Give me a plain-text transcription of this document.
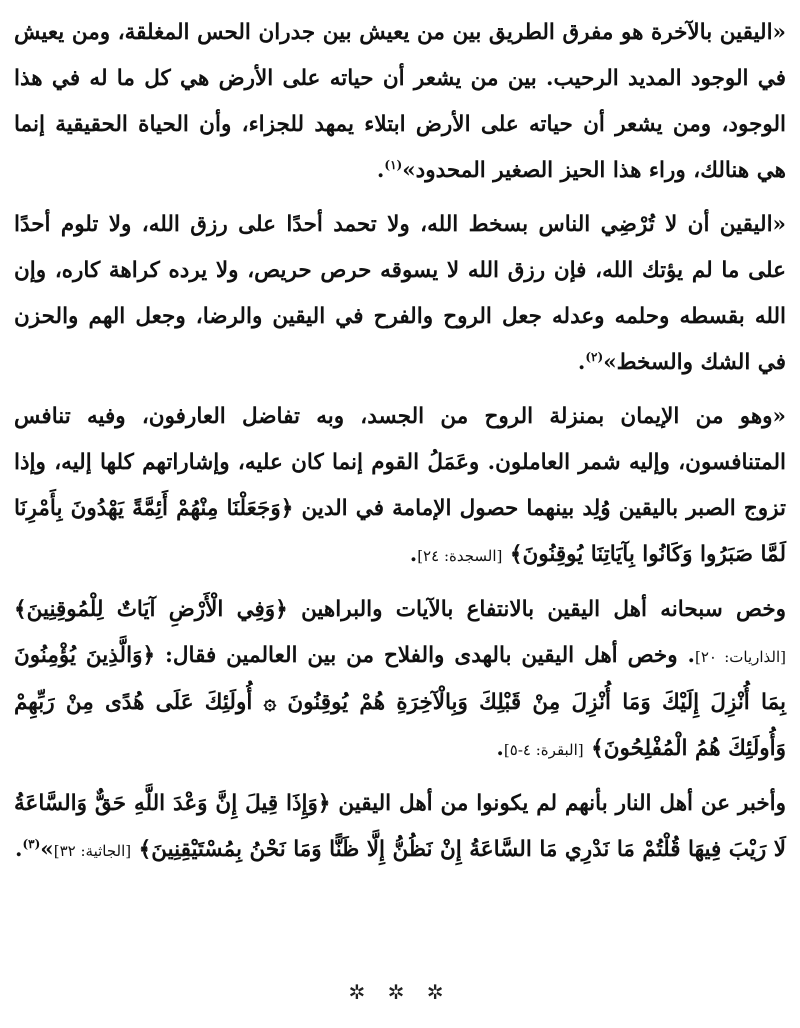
«اليقين بالآخرة هو مفرق الطريق بين من يعيش بين جدران الحس المغلقة، ومن يعيش في الوجود المديد الرحيب. بين من يشعر أن حياته على الأرض هي كل ما له في هذا الوجود، ومن يشعر أن حياته على الأرض ابتلاء يمهد للجزاء، وأن الحياة الحقيقية إنما هي هنالك، وراء هذا الحيز الصغير المحدود»$^{(١)}$.

«اليقين أن لا تُرْضِي الناس بسخط الله، ولا تحمد أحدًا على رزق الله، ولا تلوم أحدًا على ما لم يؤتك الله، فإن رزق الله لا يسوقه حرص حريص، ولا يرده كراهة كاره، وإن الله بقسطه وحلمه وعدله جعل الروح والفرح في اليقين والرضا، وجعل الهم والحزن في الشك والسخط»$^{(٢)}$.

«وهو من الإيمان بمنزلة الروح من الجسد، وبه تفاضل العارفون، وفيه تنافس المتنافسون، وإليه شمر العاملون. وعَمَلُ القوم إنما كان عليه، وإشاراتهم كلها إليه، وإذا تزوج الصبر باليقين وُلِد بينهما حصول الإمامة في الدين ﴿وَجَعَلْنَا مِنْهُمْ أَئِمَّةً يَهْدُونَ بِأَمْرِنَا لَمَّا صَبَرُوا وَكَانُوا بِآيَاتِنَا يُوقِنُونَ﴾ [السجدة: ٢٤].

وخص سبحانه أهل اليقين بالانتفاع بالآيات والبراهين ﴿وَفِي الْأَرْضِ آيَاتٌ لِلْمُوقِنِينَ﴾ [الذاريات: ٢٠]. وخص أهل اليقين بالهدى والفلاح من بين العالمين فقال: ﴿وَالَّذِينَ يُؤْمِنُونَ بِمَا أُنْزِلَ إِلَيْكَ وَمَا أُنْزِلَ مِنْ قَبْلِكَ وَبِالْآخِرَةِ هُمْ يُوقِنُونَ ۞ أُولَئِكَ عَلَى هُدًى مِنْ رَبِّهِمْ وَأُولَئِكَ هُمُ الْمُفْلِحُونَ﴾ [البقرة: ٤-٥].

وأخبر عن أهل النار بأنهم لم يكونوا من أهل اليقين ﴿وَإِذَا قِيلَ إِنَّ وَعْدَ اللَّهِ حَقٌّ وَالسَّاعَةُ لَا رَيْبَ فِيهَا قُلْتُمْ مَا نَدْرِي مَا السَّاعَةُ إِنْ نَظُنُّ إِلَّا ظَنًّا وَمَا نَحْنُ بِمُسْتَيْقِنِينَ﴾ [الجاثية: ٣٢]»$^{(٣)}$.

✲ ✲ ✲
